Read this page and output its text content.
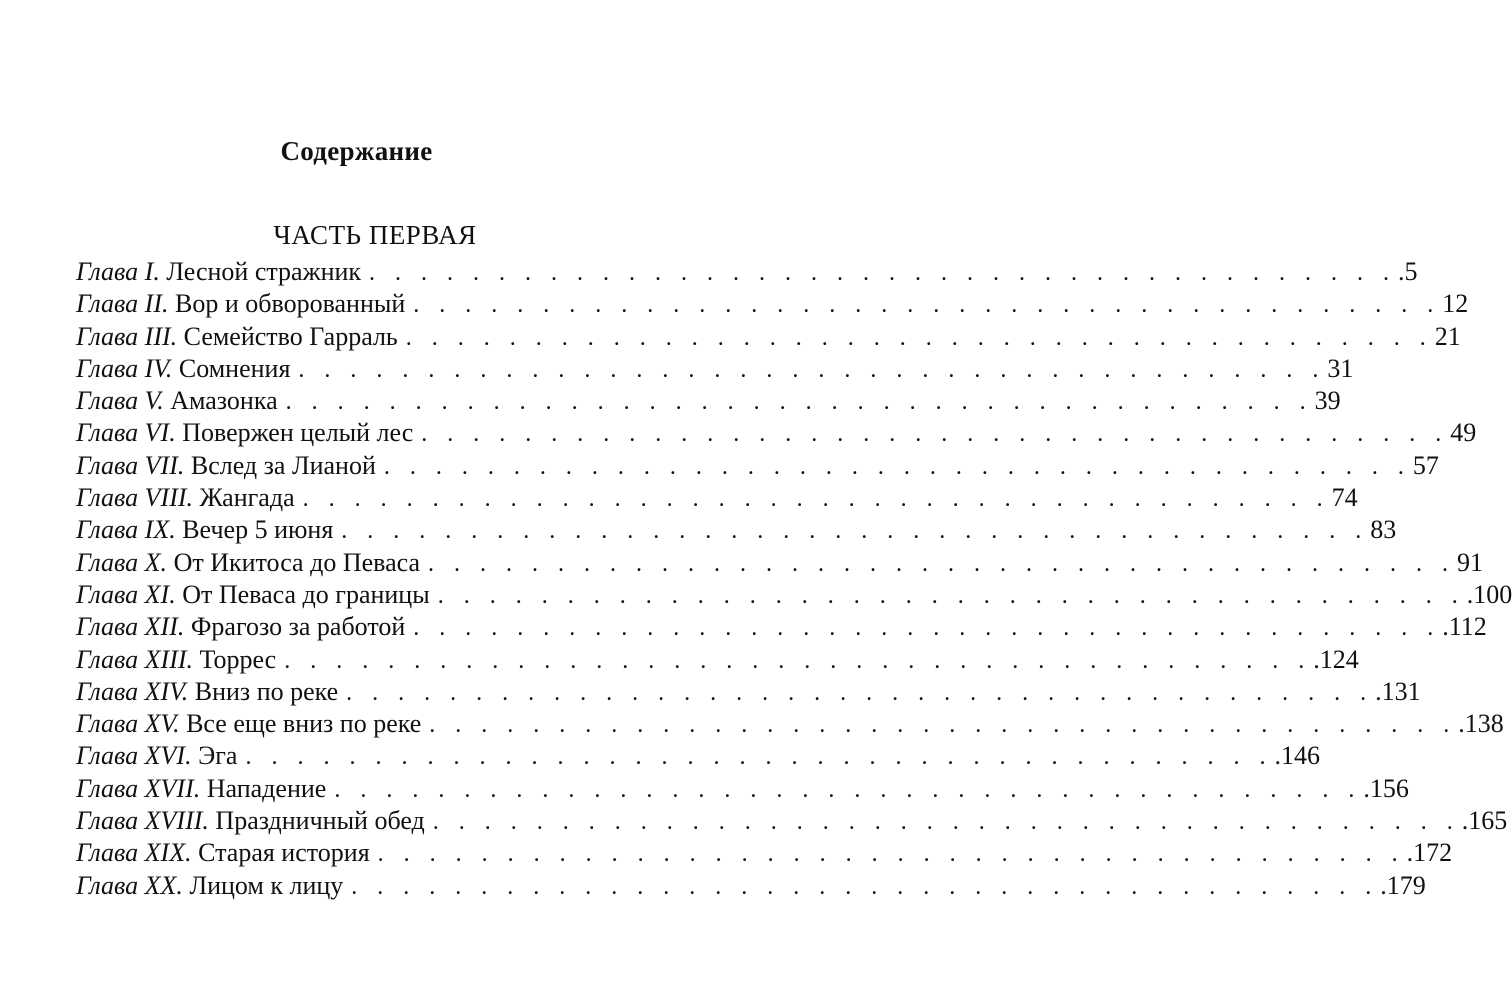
Содержание
ЧАСТЬ ПЕРВАЯ
Глава I. Лесной стражник . . . . . . . . . . . . . . . . . . . . . . . . . . . . . . . . . . . . . . . . .5
Глава II. Вор и обворованный . . . . . . . . . . . . . . . . . . . . . . . . . . . . . . . . . . . . . . . . 12
Глава III. Семейство Гарраль . . . . . . . . . . . . . . . . . . . . . . . . . . . . . . . . . . . . . . . . 21
Глава IV. Сомнения . . . . . . . . . . . . . . . . . . . . . . . . . . . . . . . . . . . . . . . . 31
Глава V. Амазонка . . . . . . . . . . . . . . . . . . . . . . . . . . . . . . . . . . . . . . . . 39
Глава VI. Повержен целый лес . . . . . . . . . . . . . . . . . . . . . . . . . . . . . . . . . . . . . . . . 49
Глава VII. Вслед за Лианой . . . . . . . . . . . . . . . . . . . . . . . . . . . . . . . . . . . . . . . . 57
Глава VIII. Жангада . . . . . . . . . . . . . . . . . . . . . . . . . . . . . . . . . . . . . . . . 74
Глава IX. Вечер 5 июня . . . . . . . . . . . . . . . . . . . . . . . . . . . . . . . . . . . . . . . . 83
Глава X. От Икитоса до Певаса . . . . . . . . . . . . . . . . . . . . . . . . . . . . . . . . . . . . . . . . 91
Глава XI. От Певаса до границы . . . . . . . . . . . . . . . . . . . . . . . . . . . . . . . . . . . . . . . . .100
Глава XII. Фрагозо за работой . . . . . . . . . . . . . . . . . . . . . . . . . . . . . . . . . . . . . . . . .112
Глава XIII. Торрес . . . . . . . . . . . . . . . . . . . . . . . . . . . . . . . . . . . . . . . . .124
Глава XIV. Вниз по реке . . . . . . . . . . . . . . . . . . . . . . . . . . . . . . . . . . . . . . . . .131
Глава XV. Все еще вниз по реке . . . . . . . . . . . . . . . . . . . . . . . . . . . . . . . . . . . . . . . . .138
Глава XVI. Эга . . . . . . . . . . . . . . . . . . . . . . . . . . . . . . . . . . . . . . . . .146
Глава XVII. Нападение . . . . . . . . . . . . . . . . . . . . . . . . . . . . . . . . . . . . . . . . .156
Глава XVIII. Праздничный обед . . . . . . . . . . . . . . . . . . . . . . . . . . . . . . . . . . . . . . . . .165
Глава XIX. Старая история . . . . . . . . . . . . . . . . . . . . . . . . . . . . . . . . . . . . . . . . .172
Глава XX. Лицом к лицу . . . . . . . . . . . . . . . . . . . . . . . . . . . . . . . . . . . . . . . . .179
